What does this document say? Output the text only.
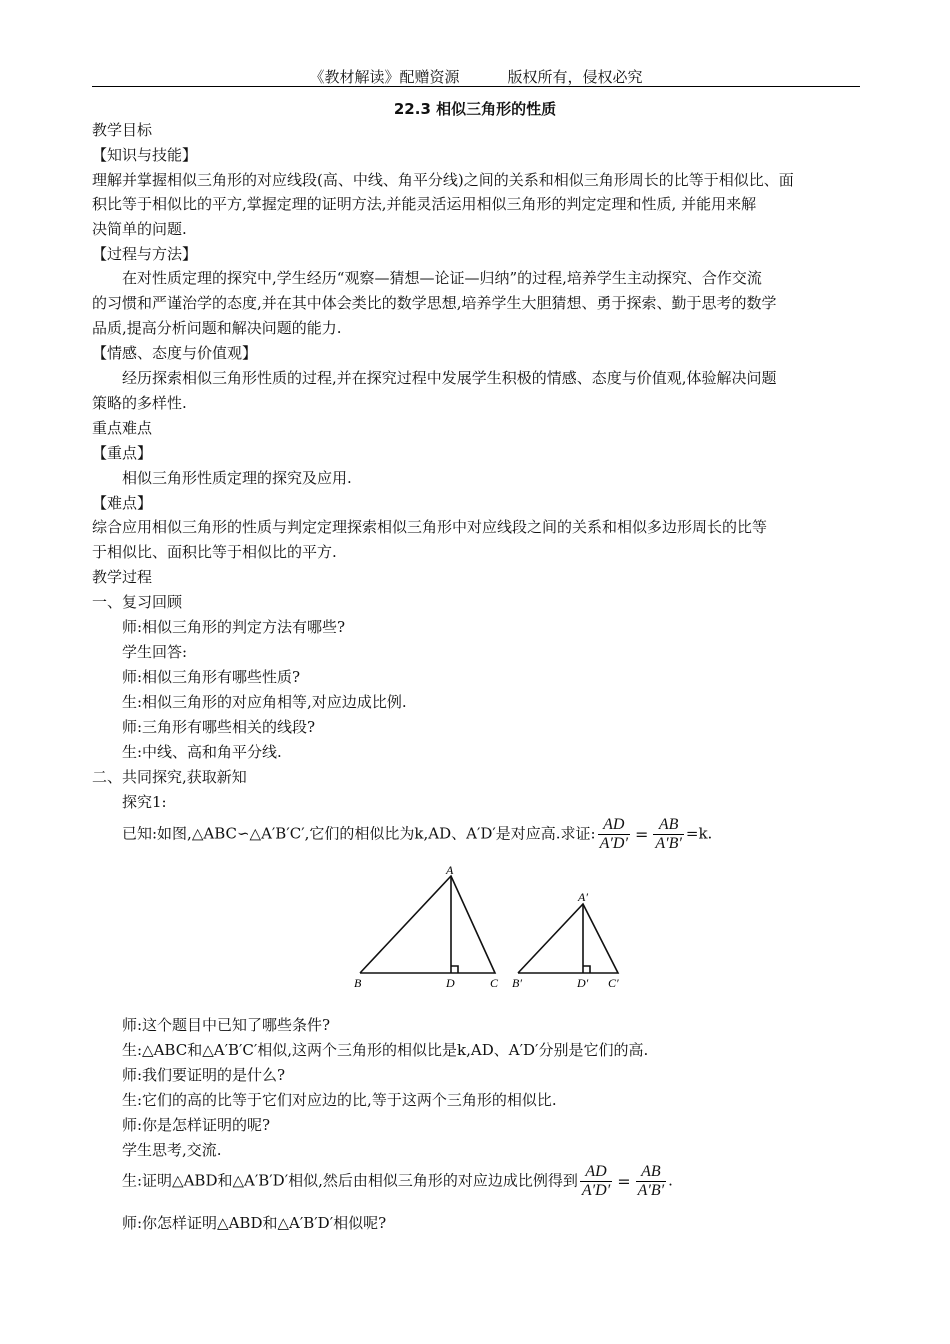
《教材解读》配赠资源	版权所有，侵权必究
22.3 相似三角形的性质
教学目标
【知识与技能】
理解并掌握相似三角形的对应线段(高、中线、角平分线)之间的关系和相似三角形周长的比等于相似比、面
积比等于相似比的平方,掌握定理的证明方法,并能灵活运用相似三角形的判定定理和性质, 并能用来解
决简单的问题.
【过程与方法】
在对性质定理的探究中,学生经历“观察—猜想—论证—归纳”的过程,培养学生主动探究、合作交流
的习惯和严谨治学的态度,并在其中体会类比的数学思想,培养学生大胆猜想、勇于探索、勤于思考的数学
品质,提高分析问题和解决问题的能力.
【情感、态度与价值观】
经历探索相似三角形性质的过程,并在探究过程中发展学生积极的情感、态度与价值观,体验解决问题
策略的多样性.
重点难点
【重点】
相似三角形性质定理的探究及应用.
【难点】
综合应用相似三角形的性质与判定定理探索相似三角形中对应线段之间的关系和相似多边形周长的比等
于相似比、面积比等于相似比的平方.
教学过程
一、复习回顾
师:相似三角形的判定方法有哪些?
学生回答:
师:相似三角形有哪些性质?
生:相似三角形的对应角相等,对应边成比例.
师:三角形有哪些相关的线段?
生:中线、高和角平分线.
二、共同探究,获取新知
探究1:
已知:如图,△ABC∽△A′B′C′,它们的相似比为k,AD、A′D′是对应高.求证: $\frac{AD}{A'D'} = \frac{AB}{A'B'} =k$.
A
B	D	C
A′
B′	D′ C′
师:这个题目中已知了哪些条件?
生:△ABC和△A′B′C′相似,这两个三角形的相似比是k,AD、A′D′分别是它们的高.
师:我们要证明的是什么?
生:它们的高的比等于它们对应边的比,等于这两个三角形的相似比.
师:你是怎样证明的呢?
学生思考,交流.
生:证明△ABD和△A′B′D′相似,然后由相似三角形的对应边成比例得到 $\frac{AD}{A'D'} = \frac{AB}{A'B'}$ .
师:你怎样证明△ABD和△A′B′D′相似呢?
